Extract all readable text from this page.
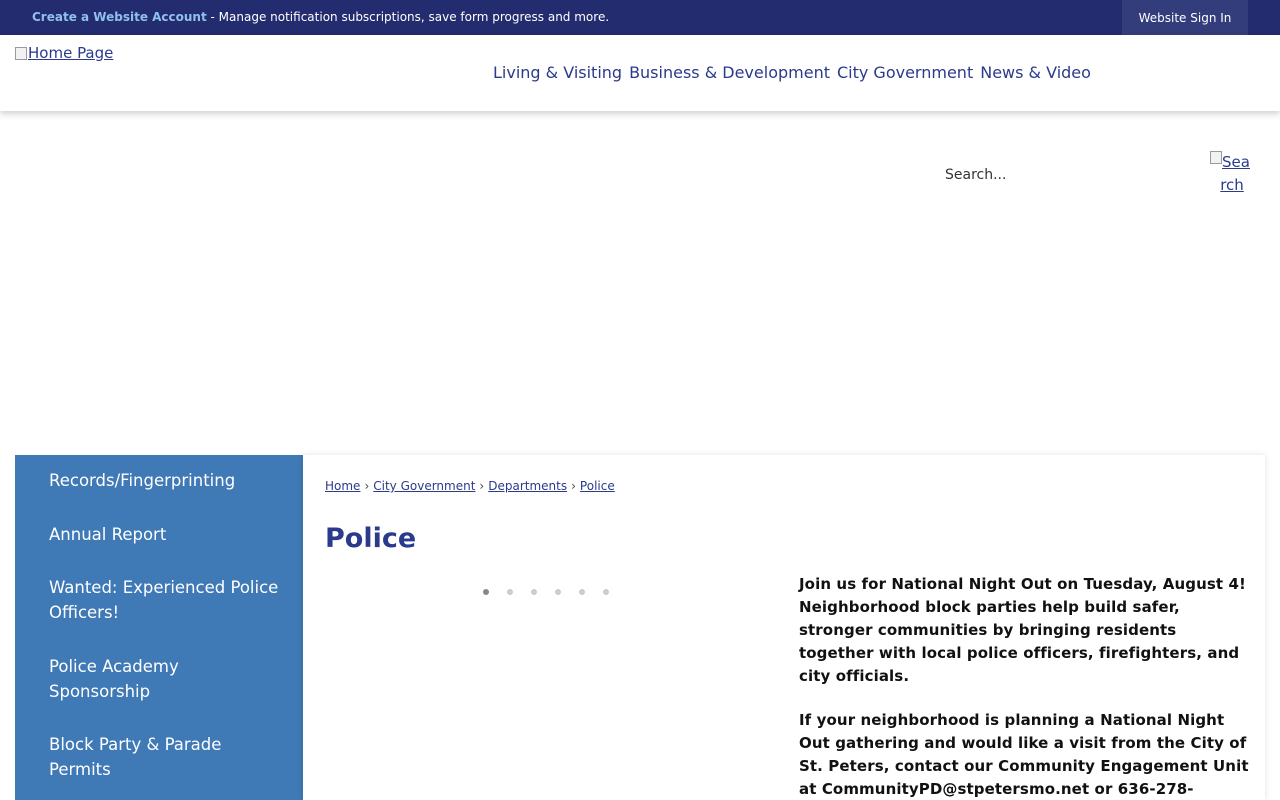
Create a Website Account - Manage notification subscriptions, save form progress and more.	Website Sign In
Home Page
Living & Visiting Business & Development City Government News & Video
Search...
Sea
rch
Records/Fingerprinting
Annual Report
Wanted: Experienced Police Officers!
Police Academy Sponsorship
Block Party & Parade Permits
Home › City Government › Departments › Police
Police

Join us for National Night Out on Tuesday, August 4! Neighborhood block parties help build safer, stronger communities by bringing residents together with local police officers, firefighters, and city officials.

If your neighborhood is planning a National Night Out gathering and would like a visit from the City of St. Peters, contact our Community Engagement Unit at CommunityPD@stpetersmo.net or 636-278-
